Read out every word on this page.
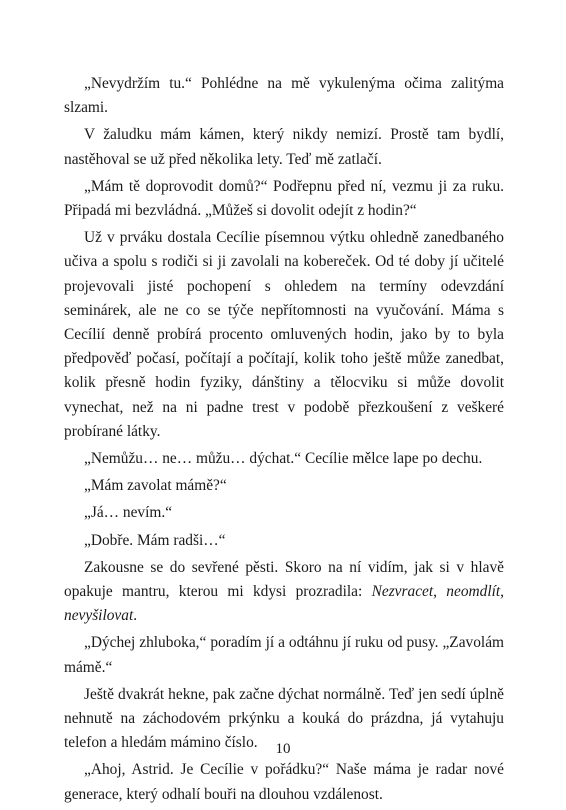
„Nevydržím tu.“ Pohlédne na mě vykulenýma očima zalitýma slzami.

V žaludku mám kámen, který nikdy nemizí. Prostě tam bydlí, nastěhoval se už před několika lety. Teď mě zatlačí.

„Mám tě doprovodit domů?“ Podřepnu před ní, vezmu ji za ruku. Připadá mi bezvládná. „Můžeš si dovolit odejít z hodin?“

Už v prváku dostala Cecílie písemnou výtku ohledně zanedbaného učiva a spolu s rodiči si ji zavolali na kobereček. Od té doby jí učitelé projevovali jisté pochopení s ohledem na termíny odevzdání seminárek, ale ne co se týče nepřítomnosti na vyučování. Máma s Cecílií denně probírá procento omluvených hodin, jako by to byla předpověď počasí, počítají a počítají, kolik toho ještě může zanedbat, kolik přesně hodin fyziky, dánštiny a tělocviku si může dovolit vynechat, než na ni padne trest v podobě přezkoušení z veškeré probírané látky.

„Nemůžu… ne… můžu… dýchat.“ Cecílie mělce lape po dechu.

„Mám zavolat mámě?“

„Já… nevím.“

„Dobře. Mám radši…“

Zakousne se do sevřené pěsti. Skoro na ní vidím, jak si v hlavě opakuje mantru, kterou mi kdysi prozradila: Nezvracet, neomdlít, nevyšilovat.

„Dýchej zhluboka,“ poradím jí a odtáhnu jí ruku od pusy. „Zavolám mámě.“

Ještě dvakrát hekne, pak začne dýchat normálně. Teď jen sedí úplně nehnutě na záchodovém prkýnku a kouká do prázdna, já vytahuju telefon a hledám mámino číslo.

„Ahoj, Astrid. Je Cecílie v pořádku?“ Naše máma je radar nové generace, který odhalí bouři na dlouhou vzdálenost.

10
